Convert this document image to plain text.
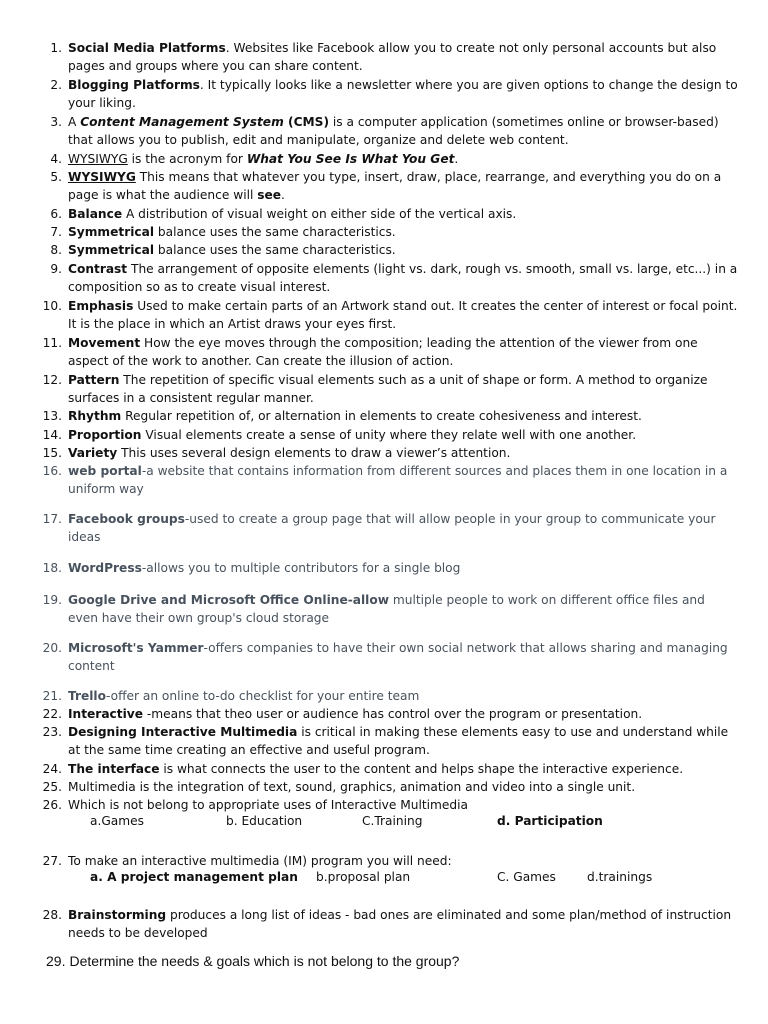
1. Social Media Platforms. Websites like Facebook allow you to create not only personal accounts but also pages and groups where you can share content.
2. Blogging Platforms. It typically looks like a newsletter where you are given options to change the design to your liking.
3. A Content Management System (CMS) is a computer application (sometimes online or browser-based) that allows you to publish, edit and manipulate, organize and delete web content.
4. WYSIWYG is the acronym for What You See Is What You Get.
5. WYSIWYG This means that whatever you type, insert, draw, place, rearrange, and everything you do on a page is what the audience will see.
6. Balance A distribution of visual weight on either side of the vertical axis.
7. Symmetrical balance uses the same characteristics.
8. Symmetrical balance uses the same characteristics.
9. Contrast The arrangement of opposite elements (light vs. dark, rough vs. smooth, small vs. large, etc...) in a composition so as to create visual interest.
10. Emphasis Used to make certain parts of an Artwork stand out. It creates the center of interest or focal point. It is the place in which an Artist draws your eyes first.
11. Movement How the eye moves through the composition; leading the attention of the viewer from one aspect of the work to another. Can create the illusion of action.
12. Pattern The repetition of specific visual elements such as a unit of shape or form. A method to organize surfaces in a consistent regular manner.
13. Rhythm Regular repetition of, or alternation in elements to create cohesiveness and interest.
14. Proportion Visual elements create a sense of unity where they relate well with one another.
15. Variety This uses several design elements to draw a viewer’s attention.
16. web portal-a website that contains information from different sources and places them in one location in a uniform way
17. Facebook groups-used to create a group page that will allow people in your group to communicate your ideas
18. WordPress-allows you to multiple contributors for a single blog
19. Google Drive and Microsoft Office Online-allow multiple people to work on different office files and even have their own group's cloud storage
20. Microsoft's Yammer-offers companies to have their own social network that allows sharing and managing content
21. Trello-offer an online to-do checklist for your entire team
22. Interactive -means that theo user or audience has control over the program or presentation.
23. Designing Interactive Multimedia is critical in making these elements easy to use and understand while at the same time creating an effective and useful program.
24. The interface is what connects the user to the content and helps shape the interactive experience.
25. Multimedia is the integration of text, sound, graphics, animation and video into a single unit.
26. Which is not belong to appropriate uses of Interactive Multimedia
27. To make an interactive multimedia (IM) program you will need:
28. Brainstorming produces a long list of ideas - bad ones are eliminated and some plan/method of instruction needs to be developed
a.Games	b. Education	C.Training	d. Participation
a. A project management plan b.proposal plan	C. Games	d.trainings
29. Determine the needs & goals which is not belong to the group?
